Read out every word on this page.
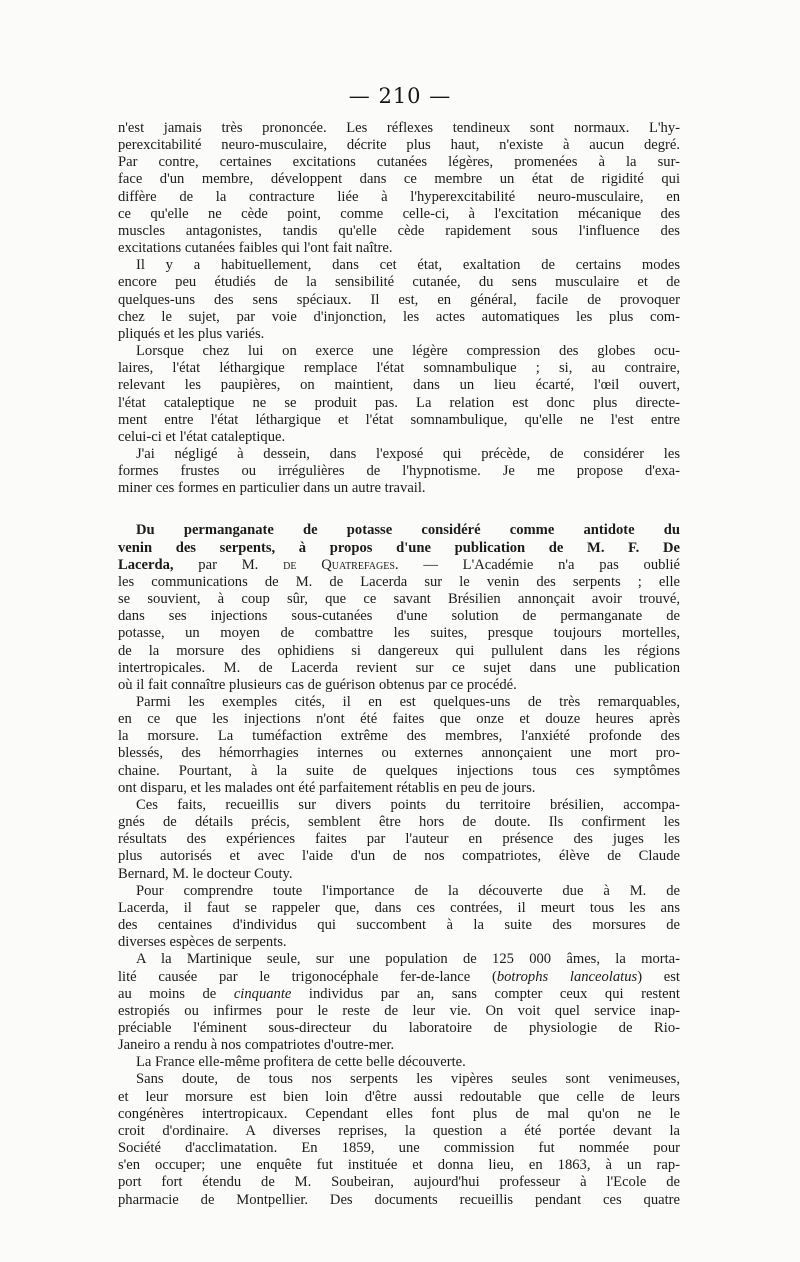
— 210 —

n'est jamais très prononcée. Les réflexes tendineux sont normaux. L'hy-
perexcitabilité neuro-musculaire, décrite plus haut, n'existe à aucun degré.
Par contre, certaines excitations cutanées légères, promenées à la sur-
face d'un membre, développent dans ce membre un état de rigidité qui
diffère de la contracture liée à l'hyperexcitabilité neuro-musculaire, en
ce qu'elle ne cède point, comme celle-ci, à l'excitation mécanique des
muscles antagonistes, tandis qu'elle cède rapidement sous l'influence des
excitations cutanées faibles qui l'ont fait naître.

Il y a habituellement, dans cet état, exaltation de certains modes
encore peu étudiés de la sensibilité cutanée, du sens musculaire et de
quelques-uns des sens spéciaux. Il est, en général, facile de provoquer
chez le sujet, par voie d'injonction, les actes automatiques les plus com-
pliqués et les plus variés.

Lorsque chez lui on exerce une légère compression des globes ocu-
laires, l'état léthargique remplace l'état somnambulique ; si, au contraire,
relevant les paupières, on maintient, dans un lieu écarté, l'œil ouvert,
l'état cataleptique ne se produit pas. La relation est donc plus directe-
ment entre l'état léthargique et l'état somnambulique, qu'elle ne l'est entre
celui-ci et l'état cataleptique.

J'ai négligé à dessein, dans l'exposé qui précède, de considérer les
formes frustes ou irrégulières de l'hypnotisme. Je me propose d'exa-
miner ces formes en particulier dans un autre travail.

Du permanganate de potasse considéré comme antidote du
venin des serpents, à propos d'une publication de M. F. De
Lacerda, par M. de Quatrefages. — L'Académie n'a pas oublié
les communications de M. de Lacerda sur le venin des serpents ; elle
se souvient, à coup sûr, que ce savant Brésilien annonçait avoir trouvé,
dans ses injections sous-cutanées d'une solution de permanganate de
potasse, un moyen de combattre les suites, presque toujours mortelles,
de la morsure des ophidiens si dangereux qui pullulent dans les régions
intertropicales. M. de Lacerda revient sur ce sujet dans une publication
où il fait connaître plusieurs cas de guérison obtenus par ce procédé.

Parmi les exemples cités, il en est quelques-uns de très remarquables,
en ce que les injections n'ont été faites que onze et douze heures après
la morsure. La tuméfaction extrême des membres, l'anxiété profonde des
blessés, des hémorrhagies internes ou externes annonçaient une mort pro-
chaine. Pourtant, à la suite de quelques injections tous ces symptômes
ont disparu, et les malades ont été parfaitement rétablis en peu de jours.

Ces faits, recueillis sur divers points du territoire brésilien, accompa-
gnés de détails précis, semblent être hors de doute. Ils confirment les
résultats des expériences faites par l'auteur en présence des juges les
plus autorisés et avec l'aide d'un de nos compatriotes, élève de Claude
Bernard, M. le docteur Couty.

Pour comprendre toute l'importance de la découverte due à M. de
Lacerda, il faut se rappeler que, dans ces contrées, il meurt tous les ans
des centaines d'individus qui succombent à la suite des morsures de
diverses espèces de serpents.

A la Martinique seule, sur une population de 125 000 âmes, la morta-
lité causée par le trigonocéphale fer-de-lance (botrophs lanceolatus) est
au moins de cinquante individus par an, sans compter ceux qui restent
estropiés ou infirmes pour le reste de leur vie. On voit quel service inap-
préciable l'éminent sous-directeur du laboratoire de physiologie de Rio-
Janeiro a rendu à nos compatriotes d'outre-mer.

La France elle-même profitera de cette belle découverte.

Sans doute, de tous nos serpents les vipères seules sont venimeuses,
et leur morsure est bien loin d'être aussi redoutable que celle de leurs
congénères intertropicaux. Cependant elles font plus de mal qu'on ne le
croit d'ordinaire. A diverses reprises, la question a été portée devant la
Société d'acclimatation. En 1859, une commission fut nommée pour
s'en occuper; une enquête fut instituée et donna lieu, en 1863, à un rap-
port fort étendu de M. Soubeiran, aujourd'hui professeur à l'Ecole de
pharmacie de Montpellier. Des documents recueillis pendant ces quatre
